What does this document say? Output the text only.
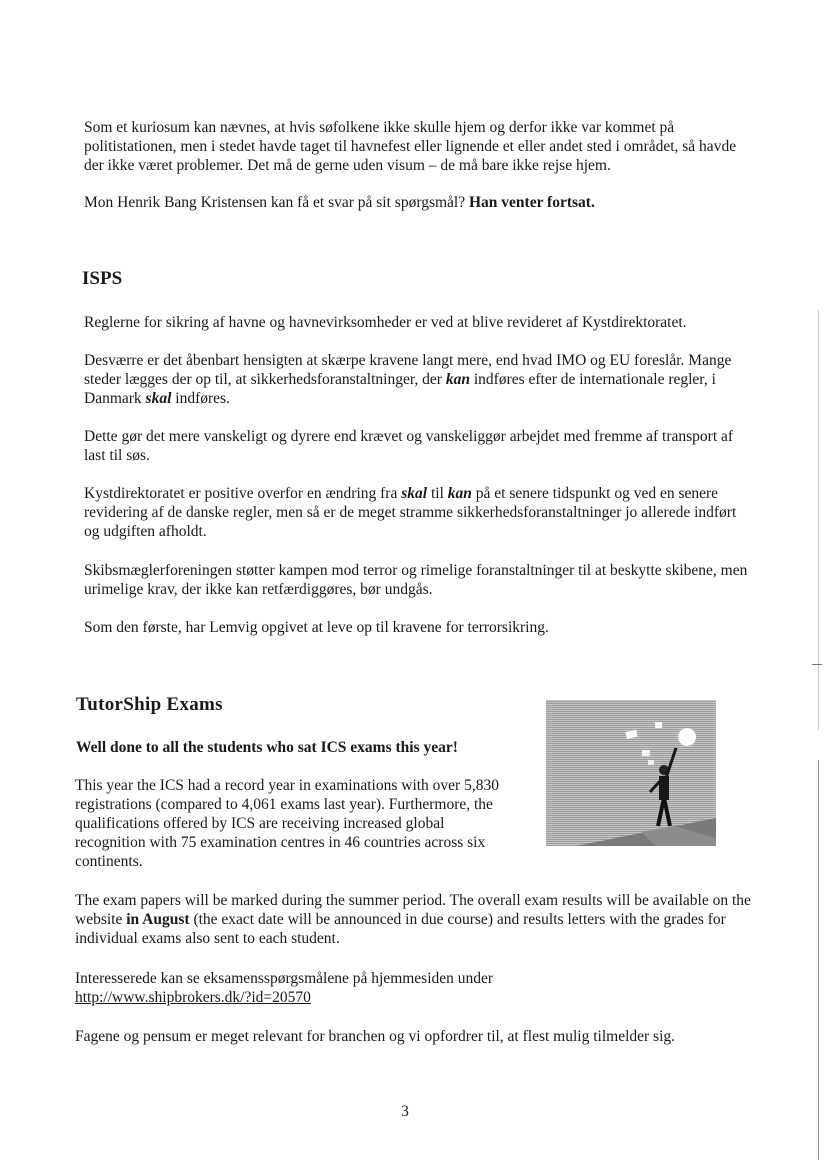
Som et kuriosum kan nævnes, at hvis søfolkene ikke skulle hjem og derfor ikke var kommet på politistationen, men i stedet havde taget til havnefest eller lignende et eller andet sted i området, så havde der ikke været problemer. Det må de gerne uden visum – de må bare ikke rejse hjem.

Mon Henrik Bang Kristensen kan få et svar på sit spørgsmål? Han venter fortsat.

ISPS

Reglerne for sikring af havne og havnevirksomheder er ved at blive revideret af Kystdirektoratet.

Desværre er det åbenbart hensigten at skærpe kravene langt mere, end hvad IMO og EU foreslår. Mange steder lægges der op til, at sikkerhedsforanstaltninger, der kan indføres efter de internationale regler, i Danmark skal indføres.

Dette gør det mere vanskeligt og dyrere end krævet og vanskeliggør arbejdet med fremme af transport af last til søs.

Kystdirektoratet er positive overfor en ændring fra skal til kan på et senere tidspunkt og ved en senere revidering af de danske regler, men så er de meget stramme sikkerhedsforanstaltninger jo allerede indført og udgiften afholdt.

Skibsmæglerforeningen støtter kampen mod terror og rimelige foranstaltninger til at beskytte skibene, men urimelige krav, der ikke kan retfærdiggøres, bør undgås.

Som den første, har Lemvig opgivet at leve op til kravene for terrorsikring.

TutorShip Exams

Well done to all the students who sat ICS exams this year!

This year the ICS had a record year in examinations with over 5,830 registrations (compared to 4,061 exams last year). Furthermore, the qualifications offered by ICS are receiving increased global recognition with 75 examination centres in 46 countries across six continents.

The exam papers will be marked during the summer period. The overall exam results will be available on the website in August (the exact date will be announced in due course) and results letters with the grades for individual exams also sent to each student.

Interesserede kan se eksamensspørgsmålene på hjemmesiden under
http://www.shipbrokers.dk/?id=20570

Fagene og pensum er meget relevant for branchen og vi opfordrer til, at flest mulig tilmelder sig.

3
